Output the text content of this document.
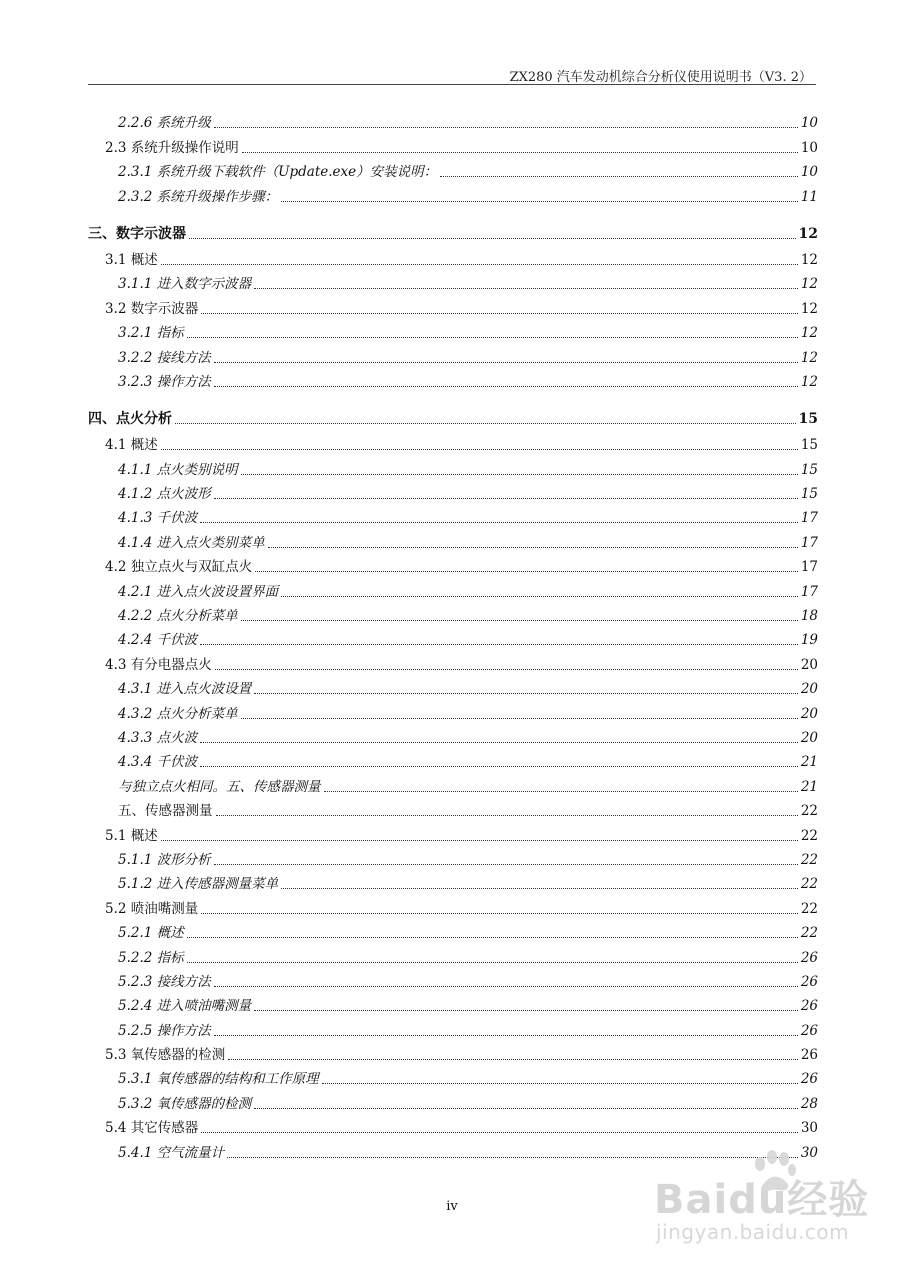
ZX280 汽车发动机综合分析仪使用说明书（V3. 2）
2.2.6 系统升级	10
2.3 系统升级操作说明	10
2.3.1 系统升级下载软件（Update.exe）安装说明：	10
2.3.2 系统升级操作步骤：	11
三、数字示波器	12
3.1 概述	12
3.1.1 进入数字示波器	12
3.2 数字示波器	12
3.2.1 指标	12
3.2.2 接线方法	12
3.2.3 操作方法	12
四、点火分析	15
4.1 概述	15
4.1.1 点火类别说明	15
4.1.2 点火波形	15
4.1.3 千伏波	17
4.1.4 进入点火类别菜单	17
4.2 独立点火与双缸点火	17
4.2.1 进入点火波设置界面	17
4.2.2 点火分析菜单	18
4.2.4 千伏波	19
4.3 有分电器点火	20
4.3.1 进入点火波设置	20
4.3.2 点火分析菜单	20
4.3.3 点火波	20
4.3.4 千伏波	21
与独立点火相同。五、传感器测量	21
五、传感器测量	22
5.1 概述	22
5.1.1 波形分析	22
5.1.2 进入传感器测量菜单	22
5.2 喷油嘴测量	22
5.2.1 概述	22
5.2.2 指标	26
5.2.3 接线方法	26
5.2.4 进入喷油嘴测量	26
5.2.5 操作方法	26
5.3 氧传感器的检测	26
5.3.1 氧传感器的结构和工作原理	26
5.3.2 氧传感器的检测	28
5.4 其它传感器	30
5.4.1 空气流量计	30
iv	Baidu经验
jingyan.baidu.com
